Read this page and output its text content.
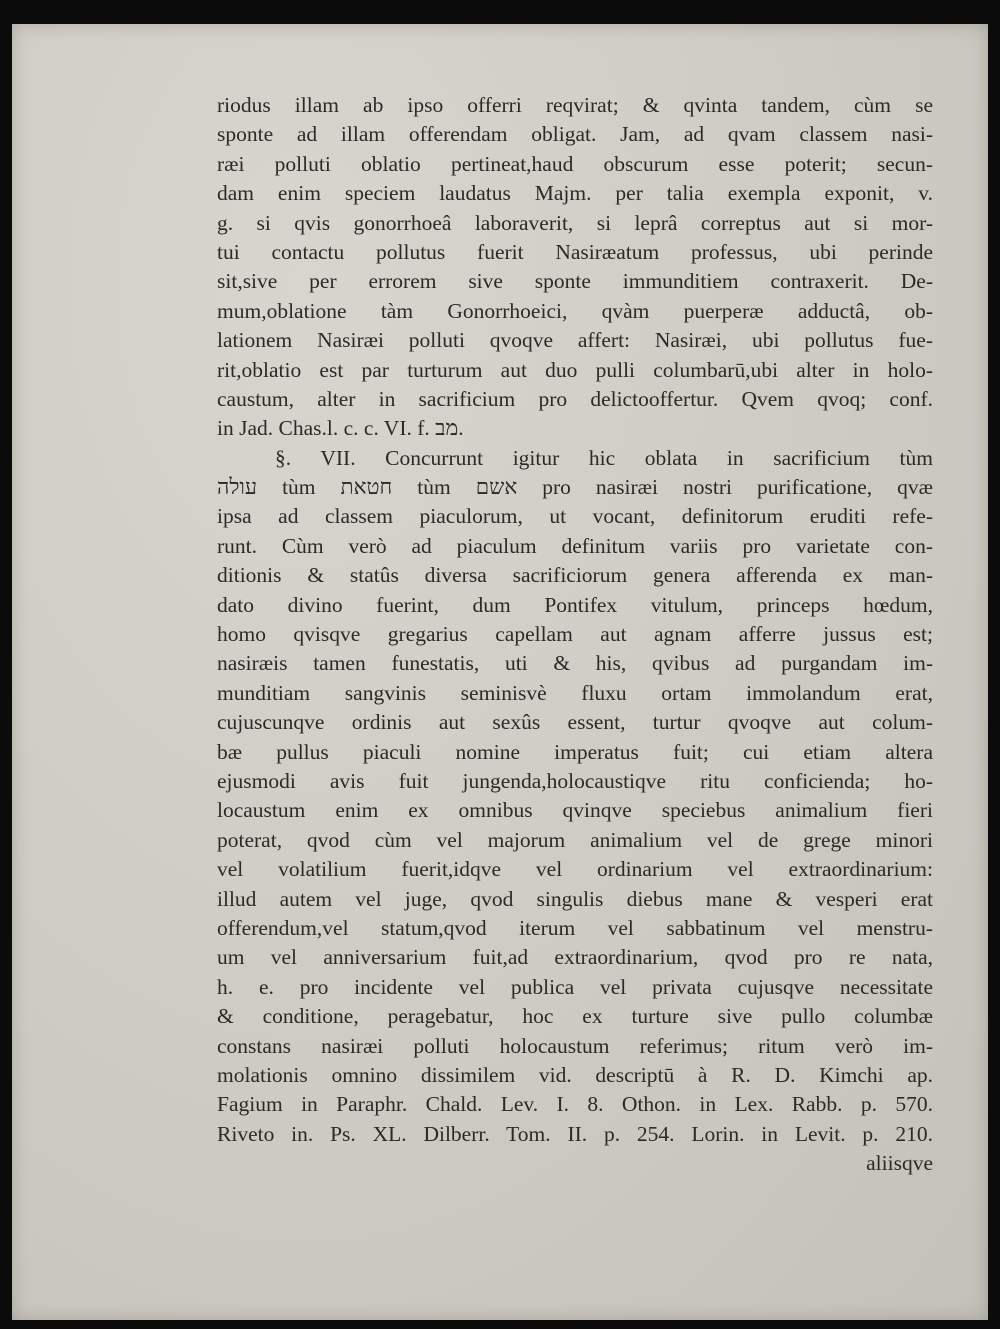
riodus illam ab ipso offerri reqvirat; & qvinta tandem, cùm se
sponte ad illam offerendam obligat. Jam, ad qvam classem nasi-
ræi polluti oblatio pertineat,haud obscurum esse poterit; secun-
dam enim speciem laudatus Majm. per talia exempla exponit, v.
g. si qvis gonorrhoeâ laboraverit, si leprâ correptus aut si mor-
tui contactu pollutus fuerit Nasiræatum professus, ubi perinde
sit,sive per errorem sive sponte immunditiem contraxerit. De-
mum,oblatione tàm Gonorrhoeici, qvàm puerperæ adductâ, ob-
lationem Nasiræi polluti qvoqve affert: Nasiræi, ubi pollutus fue-
rit,oblatio est par turturum aut duo pulli columbarū,ubi alter in holo-
caustum, alter in sacrificium pro delictooffertur. Qvem qvoq; conf.
in Jad. Chas.l. c. c. VI. f. מב.
§. VII. Concurrunt igitur hic oblata in sacrificium tùm
עולה tùm חטאת tùm אשם pro nasiræi nostri purificatione, qvæ
ipsa ad classem piaculorum, ut vocant, definitorum eruditi refe-
runt. Cùm verò ad piaculum definitum variis pro varietate con-
ditionis & statûs diversa sacrificiorum genera afferenda ex man-
dato divino fuerint, dum Pontifex vitulum, princeps hœdum,
homo qvisqve gregarius capellam aut agnam afferre jussus est;
nasiræis tamen funestatis, uti & his, qvibus ad purgandam im-
munditiam sangvinis seminisvè fluxu ortam immolandum erat,
cujuscunqve ordinis aut sexûs essent, turtur qvoqve aut colum-
bæ pullus piaculi nomine imperatus fuit; cui etiam altera
ejusmodi avis fuit jungenda,holocaustiqve ritu conficienda; ho-
locaustum enim ex omnibus qvinqve speciebus animalium fieri
poterat, qvod cùm vel majorum animalium vel de grege minori
vel volatilium fuerit,idqve vel ordinarium vel extraordinarium:
illud autem vel juge, qvod singulis diebus mane & vesperi erat
offerendum,vel statum,qvod iterum vel sabbatinum vel menstru-
um vel anniversarium fuit,ad extraordinarium, qvod pro re nata,
h. e. pro incidente vel publica vel privata cujusqve necessitate
& conditione, peragebatur, hoc ex turture sive pullo columbæ
constans nasiræi polluti holocaustum referimus; ritum verò im-
molationis omnino dissimilem vid. descriptū à R. D. Kimchi ap.
Fagium in Paraphr. Chald. Lev. I. 8. Othon. in Lex. Rabb. p. 570.
Riveto in. Ps. XL. Dilberr. Tom. II. p. 254. Lorin. in Levit. p. 210.
aliisqve
